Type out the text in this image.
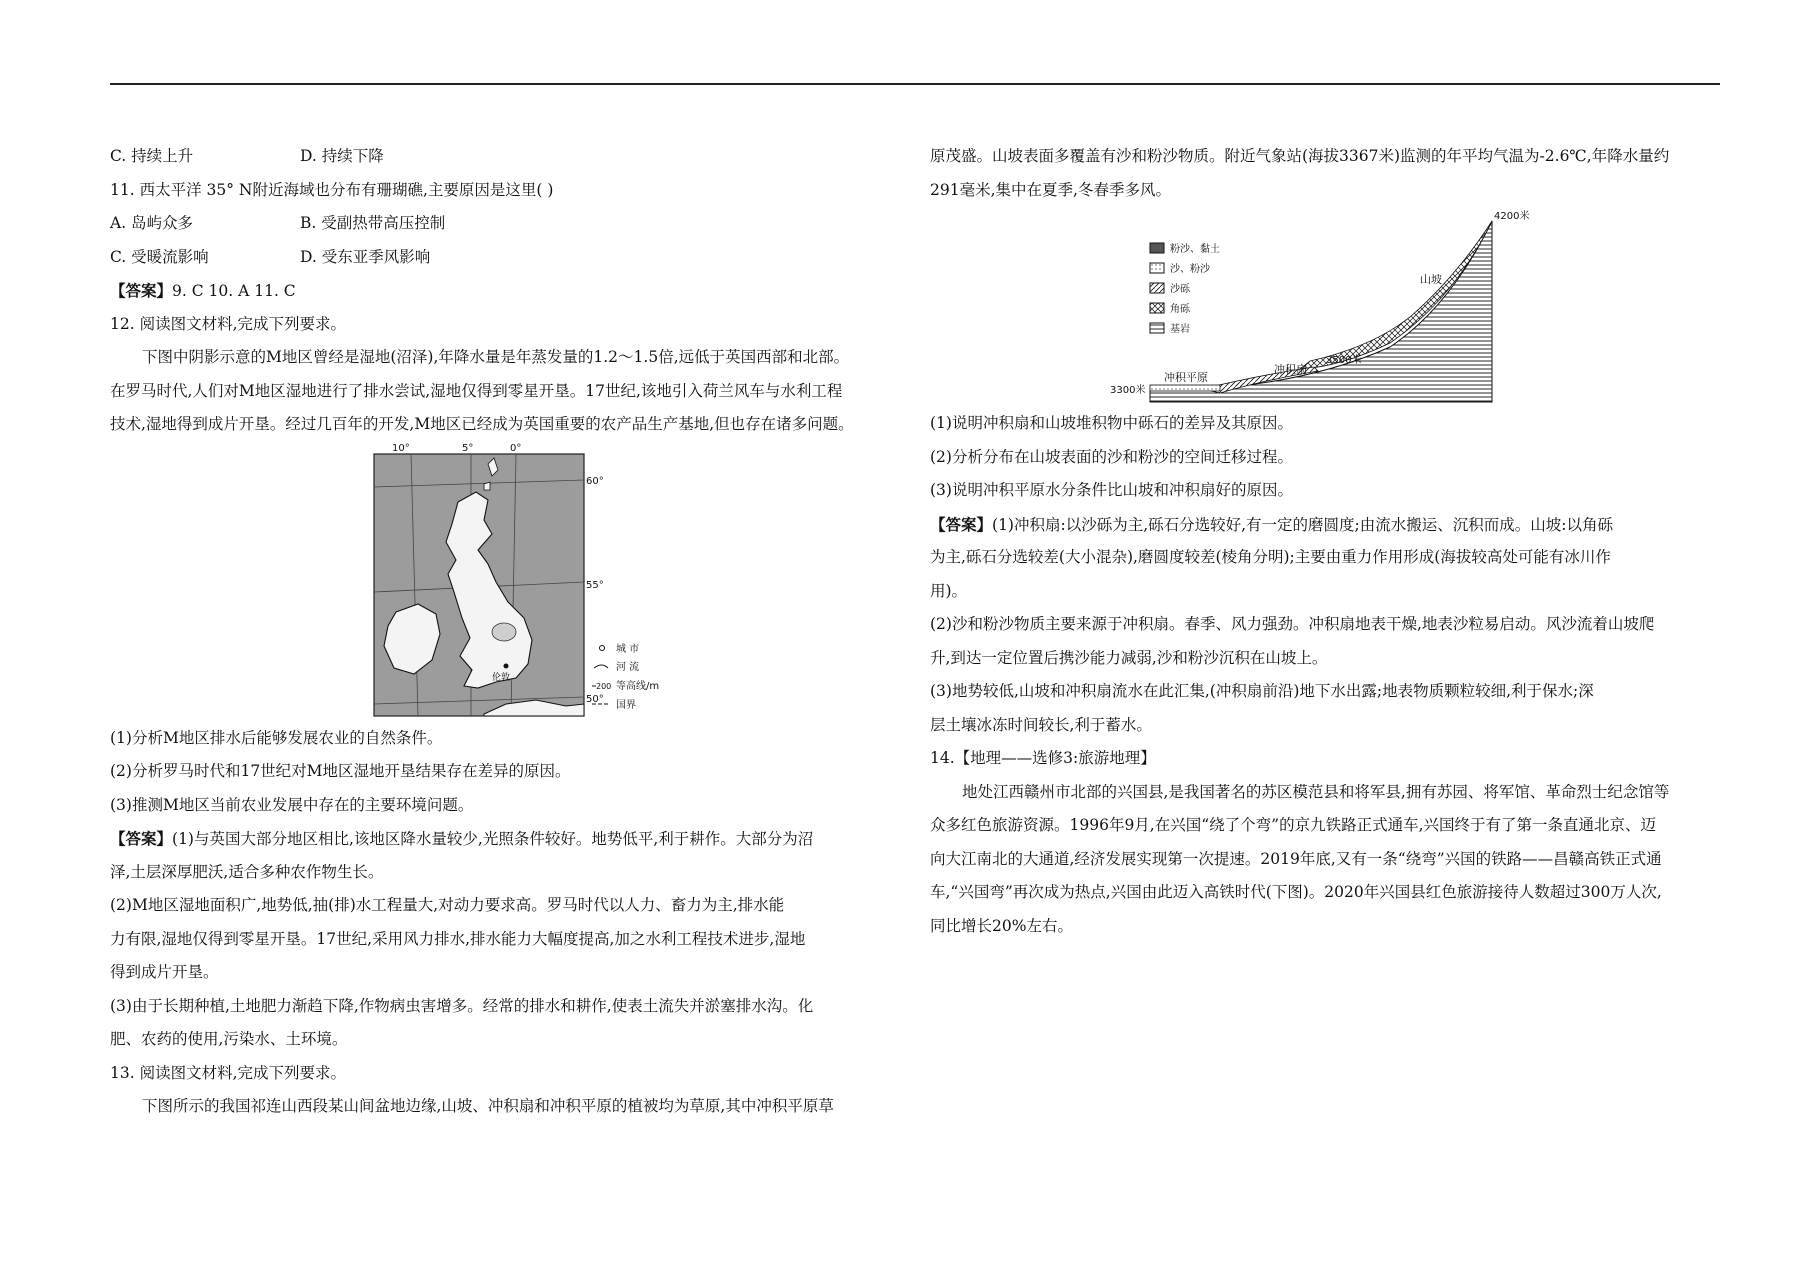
C. 持续上升	D. 持续下降
11. 西太平洋 35° N附近海域也分布有珊瑚礁,主要原因是这里( )
A. 岛屿众多	B. 受副热带高压控制
C. 受暖流影响	D. 受东亚季风影响
【答案】9. C 10. A 11. C
12. 阅读图文材料,完成下列要求。
下图中阴影示意的M地区曾经是湿地(沼泽),年降水量是年蒸发量的1.2～1.5倍,远低于英国西部和北部。
在罗马时代,人们对M地区湿地进行了排水尝试,湿地仅得到零星开垦。17世纪,该地引入荷兰风车与水利工程
技术,湿地得到成片开垦。经过几百年的开发,M地区已经成为英国重要的农产品生产基地,但也存在诸多问题。
伦敦
10°	5°	0°
60°
55°
50°
城 市
河 流
200 等高线/m
国界
(1)分析M地区排水后能够发展农业的自然条件。
(2)分析罗马时代和17世纪对M地区湿地开垦结果存在差异的原因。
(3)推测M地区当前农业发展中存在的主要环境问题。
【答案】(1)与英国大部分地区相比,该地区降水量较少,光照条件较好。地势低平,利于耕作。大部分为沼
泽,土层深厚肥沃,适合多种农作物生长。
(2)M地区湿地面积广,地势低,抽(排)水工程量大,对动力要求高。罗马时代以人力、畜力为主,排水能
力有限,湿地仅得到零星开垦。17世纪,采用风力排水,排水能力大幅度提高,加之水利工程技术进步,湿地
得到成片开垦。
(3)由于长期种植,土地肥力渐趋下降,作物病虫害增多。经常的排水和耕作,使表土流失并淤塞排水沟。化
肥、农药的使用,污染水、土环境。
13. 阅读图文材料,完成下列要求。
下图所示的我国祁连山西段某山间盆地边缘,山坡、冲积扇和冲积平原的植被均为草原,其中冲积平原草
原茂盛。山坡表面多覆盖有沙和粉沙物质。附近气象站(海拔3367米)监测的年平均气温为-2.6℃,年降水量约
291毫米,集中在夏季,冬春季多风。
4200米
3500米
3300米
山坡
冲积扇
冲积平原
粉沙、黏土
沙、粉沙
沙砾
角砾
基岩
(1)说明冲积扇和山坡堆积物中砾石的差异及其原因。
(2)分析分布在山坡表面的沙和粉沙的空间迁移过程。
(3)说明冲积平原水分条件比山坡和冲积扇好的原因。
【答案】(1)冲积扇:以沙砾为主,砾石分选较好,有一定的磨圆度;由流水搬运、沉积而成。山坡:以角砾
为主,砾石分选较差(大小混杂),磨圆度较差(棱角分明);主要由重力作用形成(海拔较高处可能有冰川作
用)。
(2)沙和粉沙物质主要来源于冲积扇。春季、风力强劲。冲积扇地表干燥,地表沙粒易启动。风沙流着山坡爬
升,到达一定位置后携沙能力减弱,沙和粉沙沉积在山坡上。
(3)地势较低,山坡和冲积扇流水在此汇集,(冲积扇前沿)地下水出露;地表物质颗粒较细,利于保水;深
层土壤冰冻时间较长,利于蓄水。
14.【地理——选修3:旅游地理】
地处江西赣州市北部的兴国县,是我国著名的苏区模范县和将军县,拥有苏园、将军馆、革命烈士纪念馆等
众多红色旅游资源。1996年9月,在兴国“绕了个弯”的京九铁路正式通车,兴国终于有了第一条直通北京、迈
向大江南北的大通道,经济发展实现第一次提速。2019年底,又有一条“绕弯”兴国的铁路——昌赣高铁正式通
车,“兴国弯”再次成为热点,兴国由此迈入高铁时代(下图)。2020年兴国县红色旅游接待人数超过300万人次,
同比增长20%左右。
